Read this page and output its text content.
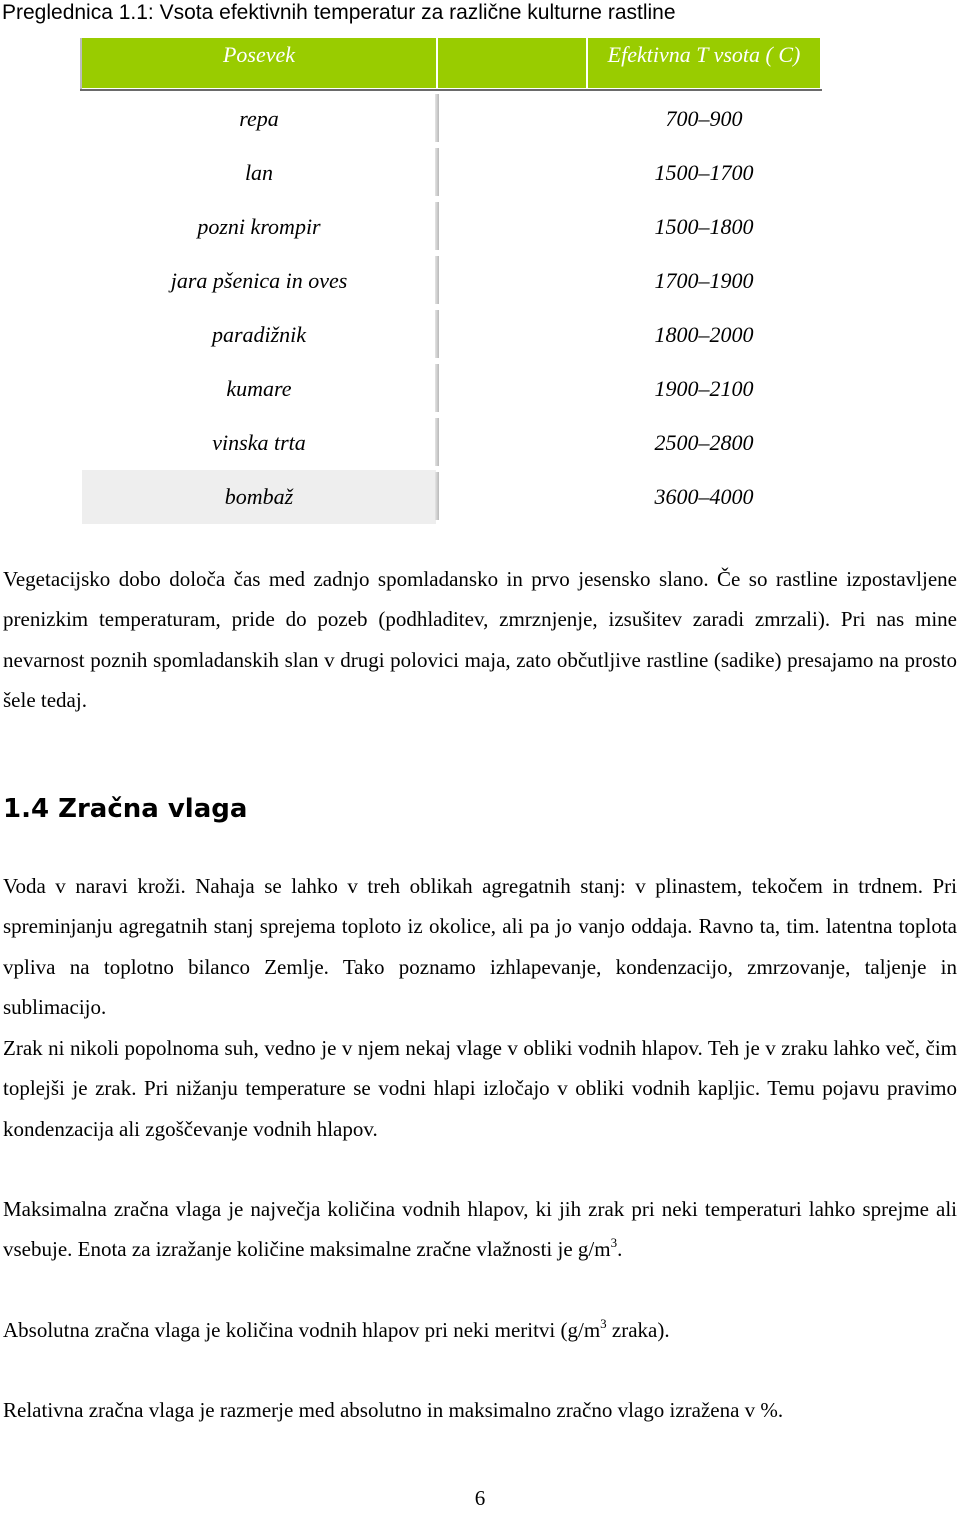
Preglednica 1.1: Vsota efektivnih temperatur za različne kulturne rastline
Posevek	Efektivna T vsota ( C)
repa	700–900
lan	1500–1700
pozni krompir	1500–1800
jara pšenica in oves	1700–1900
paradižnik	1800–2000
kumare	1900–2100
vinska trta	2500–2800
bombaž	3600–4000
Vegetacijsko dobo določa čas med zadnjo spomladansko in prvo jesensko slano. Če so rastline izpostavljene prenizkim temperaturam, pride do pozeb (podhladitev, zmrznjenje, izsušitev zaradi zmrzali). Pri nas mine nevarnost poznih spomladanskih slan v drugi polovici maja, zato občutljive rastline (sadike) presajamo na prosto šele tedaj.
1.4 Zračna vlaga
Voda v naravi kroži. Nahaja se lahko v treh oblikah agregatnih stanj: v plinastem, tekočem in trdnem. Pri spreminjanju agregatnih stanj sprejema toploto iz okolice, ali pa jo vanjo oddaja. Ravno ta, tim. latentna toplota vpliva na toplotno bilanco Zemlje. Tako poznamo izhlapevanje, kondenzacijo, zmrzovanje, taljenje in sublimacijo.
Zrak ni nikoli popolnoma suh, vedno je v njem nekaj vlage v obliki vodnih hlapov. Teh je v zraku lahko več, čim toplejši je zrak. Pri nižanju temperature se vodni hlapi izločajo v obliki vodnih kapljic. Temu pojavu pravimo kondenzacija ali zgoščevanje vodnih hlapov.
Maksimalna zračna vlaga je največja količina vodnih hlapov, ki jih zrak pri neki temperaturi lahko sprejme ali vsebuje. Enota za izražanje količine maksimalne zračne vlažnosti je $g/m^3$.
Absolutna zračna vlaga je količina vodnih hlapov pri neki meritvi ($g/m^3$ zraka).
Relativna zračna vlaga je razmerje med absolutno in maksimalno zračno vlago izražena v %.
6
